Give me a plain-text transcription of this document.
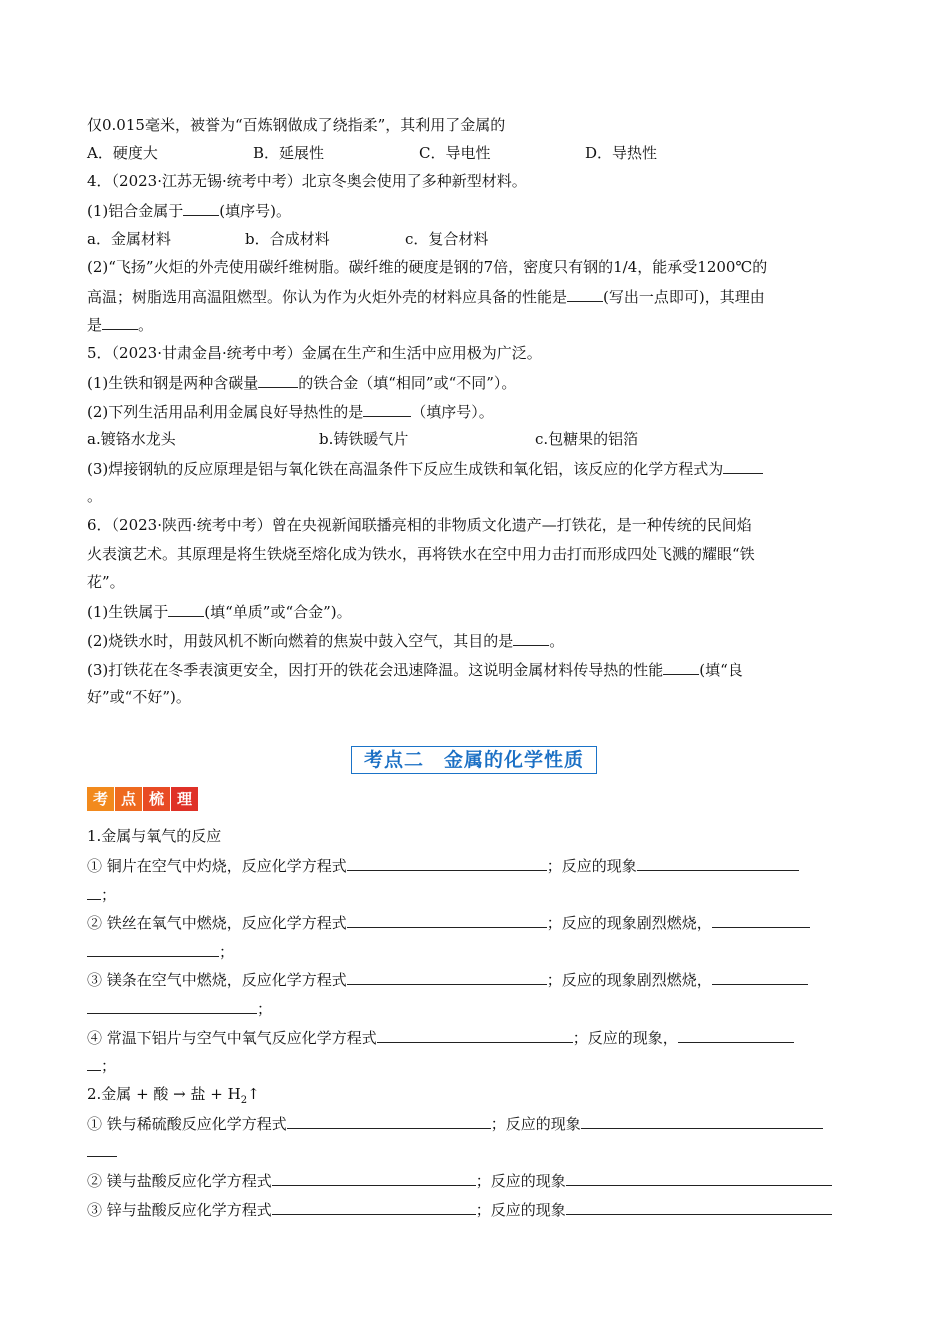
仅0.015毫米，被誉为“百炼钢做成了绕指柔”，其利用了金属的
A．硬度大	B．延展性	C．导电性	D．导热性
4．（2023·江苏无锡·统考中考）北京冬奥会使用了多种新型材料。
(1)铝合金属于 (填序号)。
a．金属材料	b．合成材料	c．复合材料
(2)“飞扬”火炬的外壳使用碳纤维树脂。碳纤维的硬度是钢的7倍，密度只有钢的1/4，能承受1200℃的
高温；树脂选用高温阻燃型。你认为作为火炬外壳的材料应具备的性能是 (写出一点即可)，其理由
是 。
5．（2023·甘肃金昌·统考中考）金属在生产和生活中应用极为广泛。
(1)生铁和钢是两种含碳量	的铁合金（填“相同”或“不同”）。
(2)下列生活用品利用金属良好导热性的是	（填序号）。
a.镀铬水龙头	b.铸铁暖气片	c.包糖果的铝箔
(3)焊接钢轨的反应原理是铝与氧化铁在高温条件下反应生成铁和氧化铝，该反应的化学方程式为
。
6．（2023·陕西·统考中考）曾在央视新闻联播亮相的非物质文化遗产—打铁花，是一种传统的民间焰
火表演艺术。其原理是将生铁烧至熔化成为铁水，再将铁水在空中用力击打而形成四处飞溅的耀眼“铁
花”。
(1)生铁属于 (填“单质”或“合金”)。
(2)烧铁水时，用鼓风机不断向燃着的焦炭中鼓入空气，其目的是 。
(3)打铁花在冬季表演更安全，因打开的铁花会迅速降温。这说明金属材料传导热的性能 (填“良
好”或“不好”)。
考点二　金属的化学性质
考 点 梳 理
1.金属与氧气的反应
① 铜片在空气中灼烧，反应化学方程式	；反应的现象
；
② 铁丝在氧气中燃烧，反应化学方程式	；反应的现象剧烈燃烧，
；
③ 镁条在空气中燃烧，反应化学方程式	；反应的现象剧烈燃烧，
；
④ 常温下铝片与空气中氧气反应化学方程式	；反应的现象，
；
2.金属 + 酸 → 盐 + $H_2↑$
① 铁与稀硫酸反应化学方程式	；反应的现象
② 镁与盐酸反应化学方程式	；反应的现象
③ 锌与盐酸反应化学方程式	；反应的现象
